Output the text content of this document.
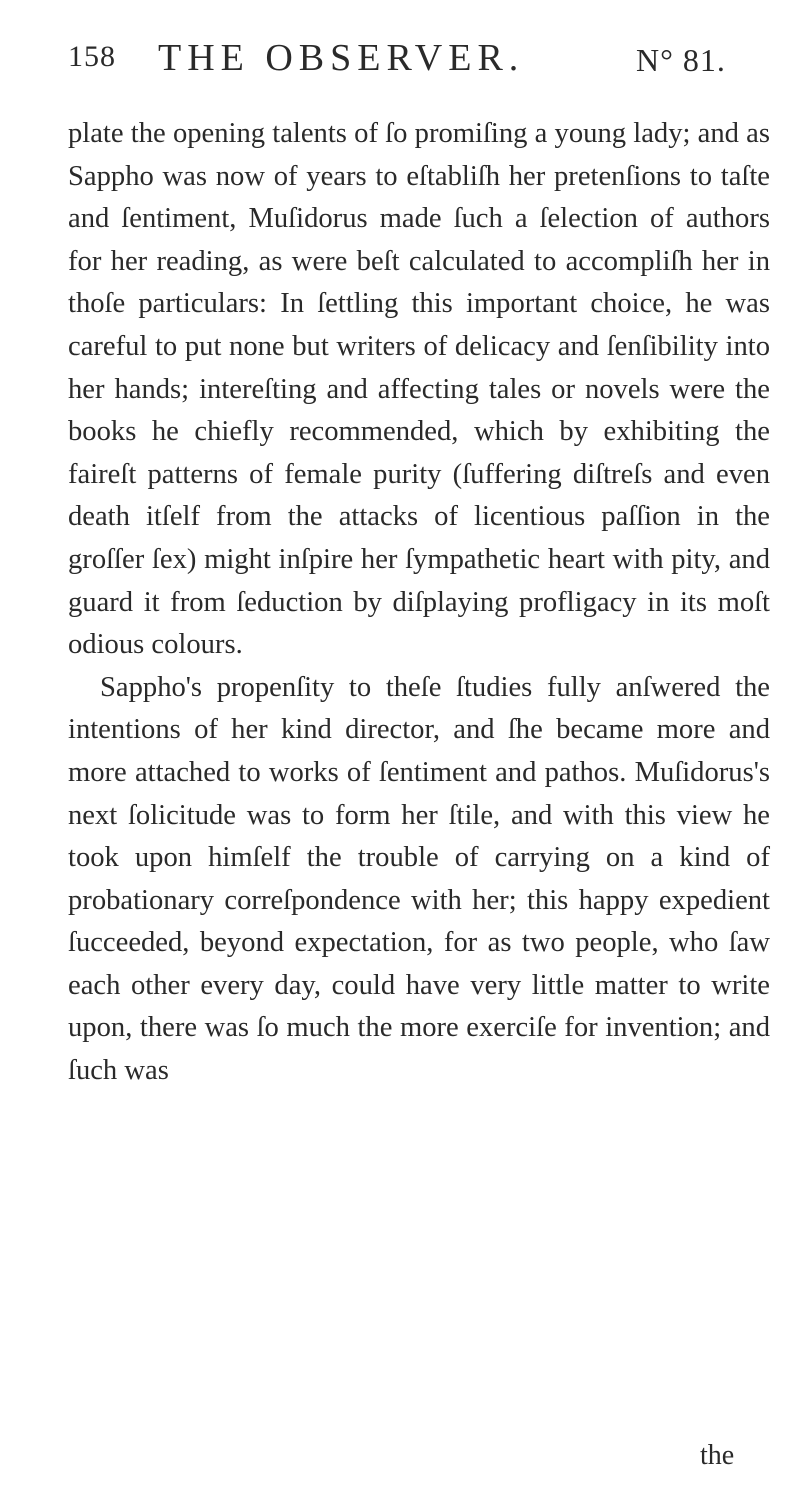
158 THE OBSERVER.	N° 81.

plate the opening talents of ſo promiſing a young lady; and as Sappho was now of years to eſtabliſh her pretenſions to taſte and ſentiment, Muſidorus made ſuch a ſelection of authors for her reading, as were beſt calculated to accompliſh her in thoſe particulars: In ſettling this important choice, he was careful to put none but writers of delicacy and ſenſibility into her hands; intereſting and affecting tales or novels were the books he chiefly recommended, which by exhibiting the faireſt patterns of female purity (ſuffering diſtreſs and even death itſelf from the attacks of licentious paſſion in the groſſer ſex) might inſpire her ſympathetic heart with pity, and guard it from ſeduction by diſplaying profligacy in its moſt odious colours.

Sappho's propenſity to theſe ſtudies fully anſwered the intentions of her kind director, and ſhe became more and more attached to works of ſentiment and pathos. Muſidorus's next ſolicitude was to form her ſtile, and with this view he took upon himſelf the trouble of carrying on a kind of probationary correſpondence with her; this happy expedient ſucceeded, beyond expectation, for as two people, who ſaw each other every day, could have very little matter to write upon, there was ſo much the more exerciſe for invention; and ſuch was

the
